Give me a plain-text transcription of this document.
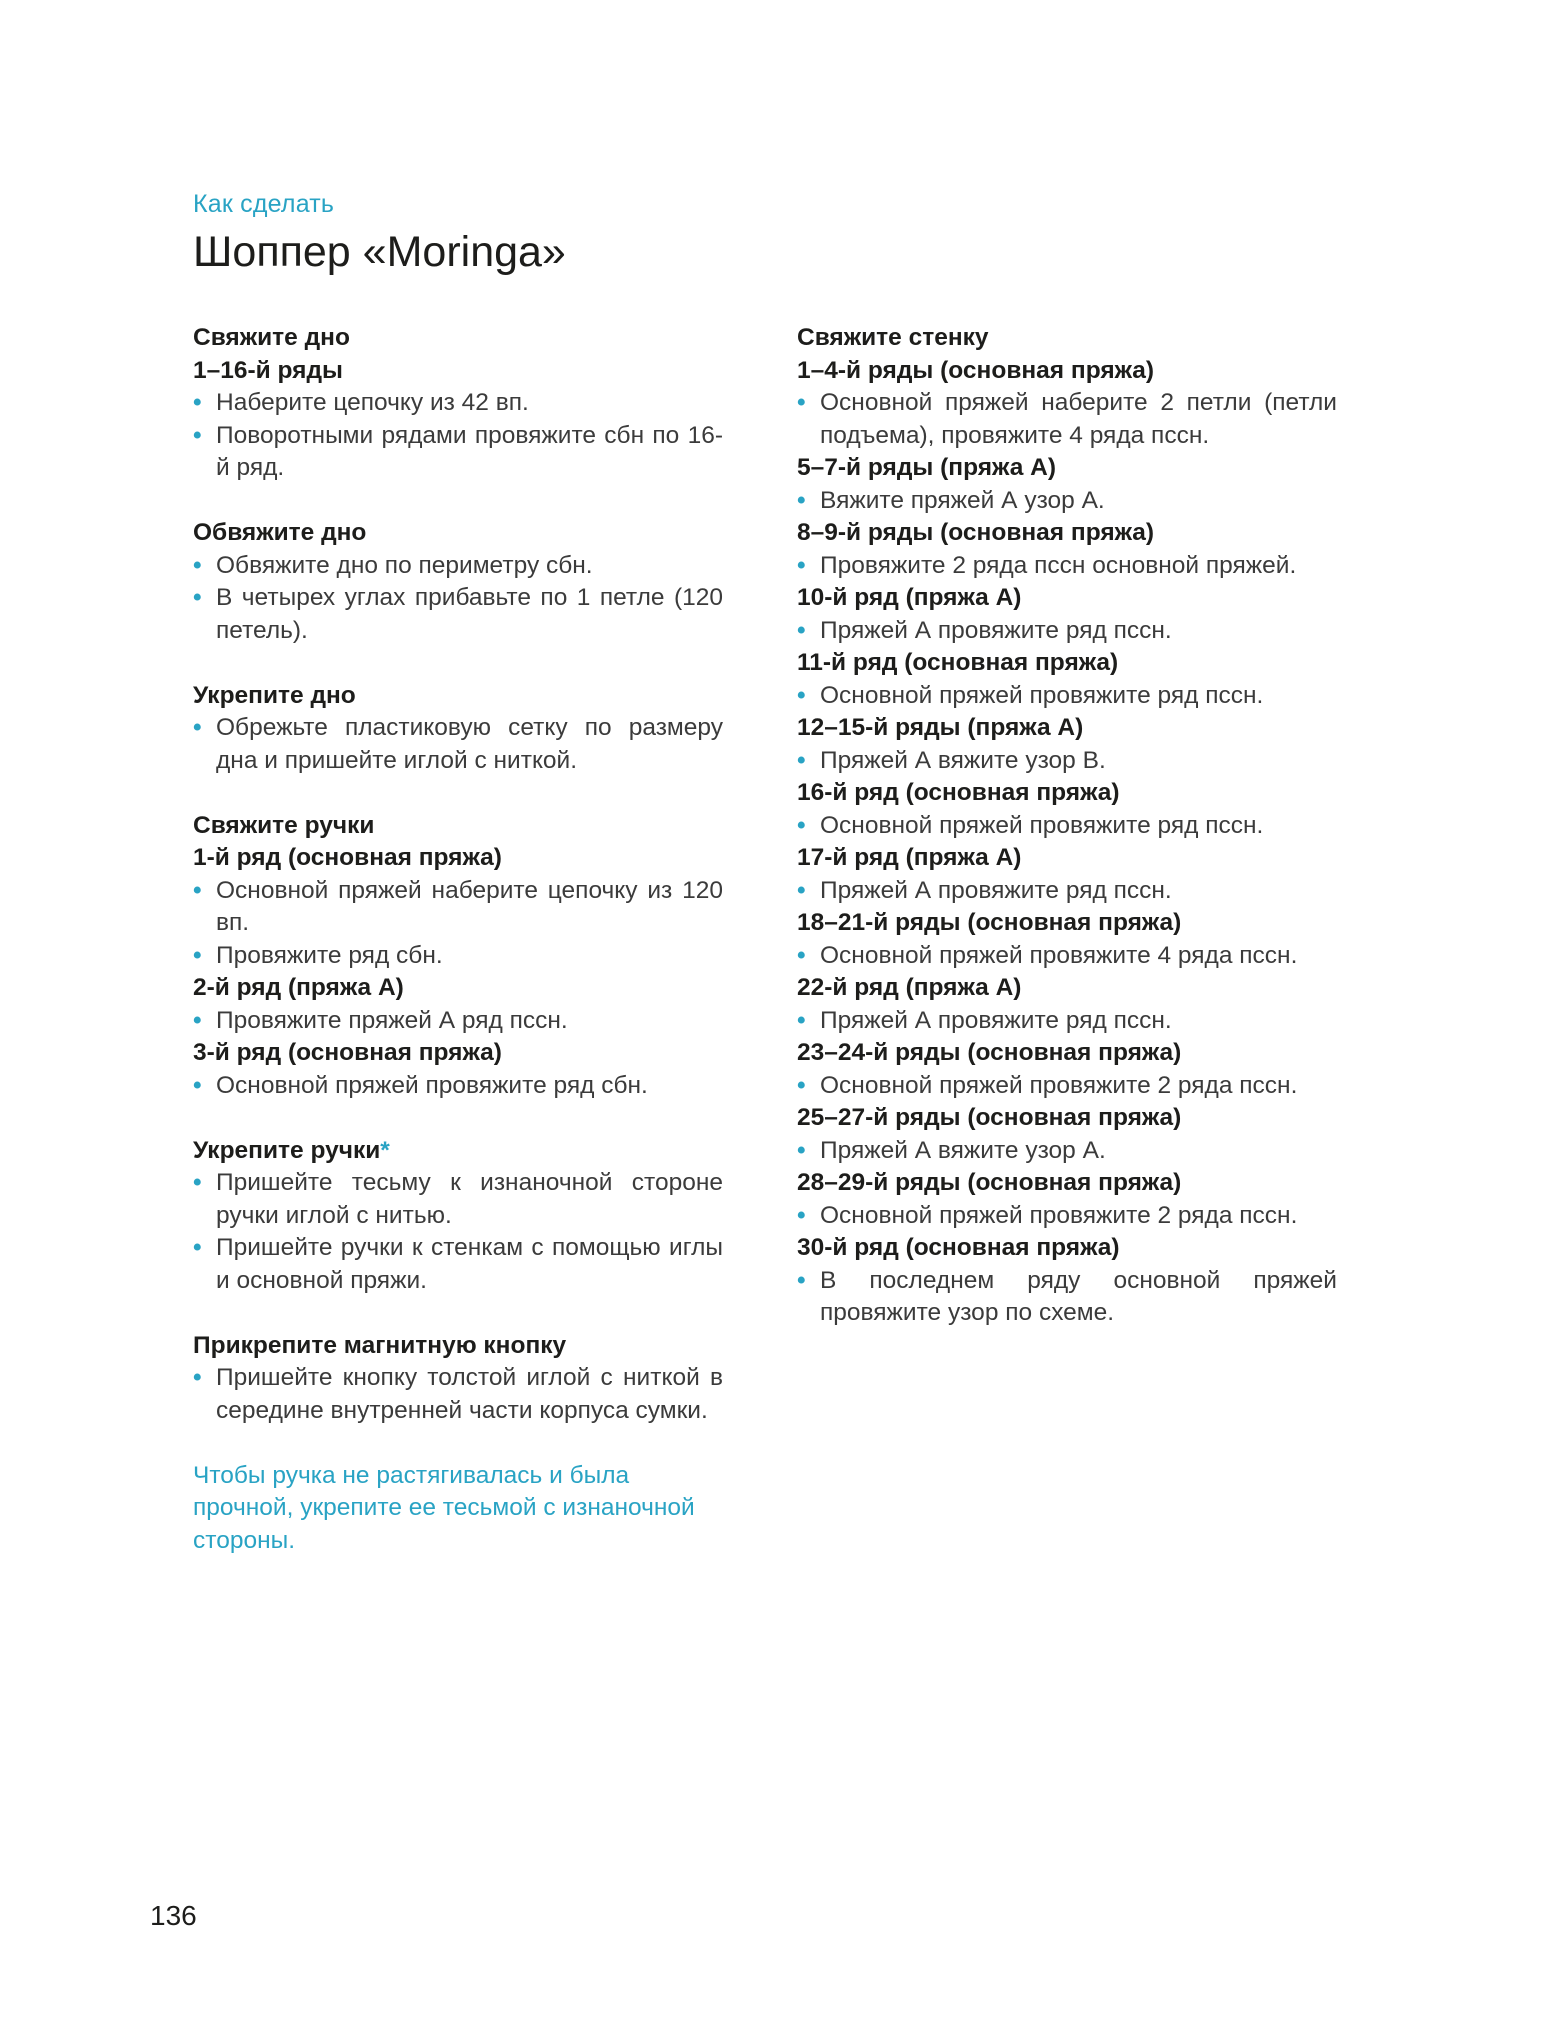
Как сделать
Шоппер «Moringa»

Свяжите дно

1–16-й ряды

• Наберите цепочку из 42 вп.
• Поворотными рядами провяжите сбн по 16-й ряд.

Обвяжите дно

• Обвяжите дно по периметру сбн.
• В четырех углах прибавьте по 1 петле (120 петель).

Укрепите дно

• Обрежьте пластиковую сетку по размеру дна и пришейте иглой с ниткой.

Свяжите ручки

1-й ряд (основная пряжа)

• Основной пряжей наберите цепочку из 120 вп.
• Провяжите ряд сбн.

2-й ряд (пряжа А)

• Провяжите пряжей А ряд пссн.

3-й ряд (основная пряжа)

• Основной пряжей провяжите ряд сбн.

Укрепите ручки*

• Пришейте тесьму к изнаночной стороне ручки иглой с нитью.
• Пришейте ручки к стенкам с помощью иглы и основной пряжи.

Прикрепите магнитную кнопку

• Пришейте кнопку толстой иглой с ниткой в середине внутренней части корпуса сумки.
Чтобы ручка не растягивалась и была прочной, укрепите ее тесьмой с изнаночной стороны.

Свяжите стенку

1–4-й ряды (основная пряжа)

• Основной пряжей наберите 2 петли (петли подъема), провяжите 4 ряда пссн.

5–7-й ряды (пряжа А)

• Вяжите пряжей А узор А.

8–9-й ряды (основная пряжа)

• Провяжите 2 ряда пссн основной пряжей.

10-й ряд (пряжа А)

• Пряжей А провяжите ряд пссн.

11-й ряд (основная пряжа)

• Основной пряжей провяжите ряд пссн.

12–15-й ряды (пряжа А)

• Пряжей А вяжите узор В.

16-й ряд (основная пряжа)

• Основной пряжей провяжите ряд пссн.

17-й ряд (пряжа А)

• Пряжей А провяжите ряд пссн.

18–21-й ряды (основная пряжа)

• Основной пряжей провяжите 4 ряда пссн.

22-й ряд (пряжа А)

• Пряжей А провяжите ряд пссн.

23–24-й ряды (основная пряжа)

• Основной пряжей провяжите 2 ряда пссн.

25–27-й ряды (основная пряжа)

• Пряжей А вяжите узор А.

28–29-й ряды (основная пряжа)

• Основной пряжей провяжите 2 ряда пссн.

30-й ряд (основная пряжа)

• В последнем ряду основной пряжей провяжите узор по схеме.
136
